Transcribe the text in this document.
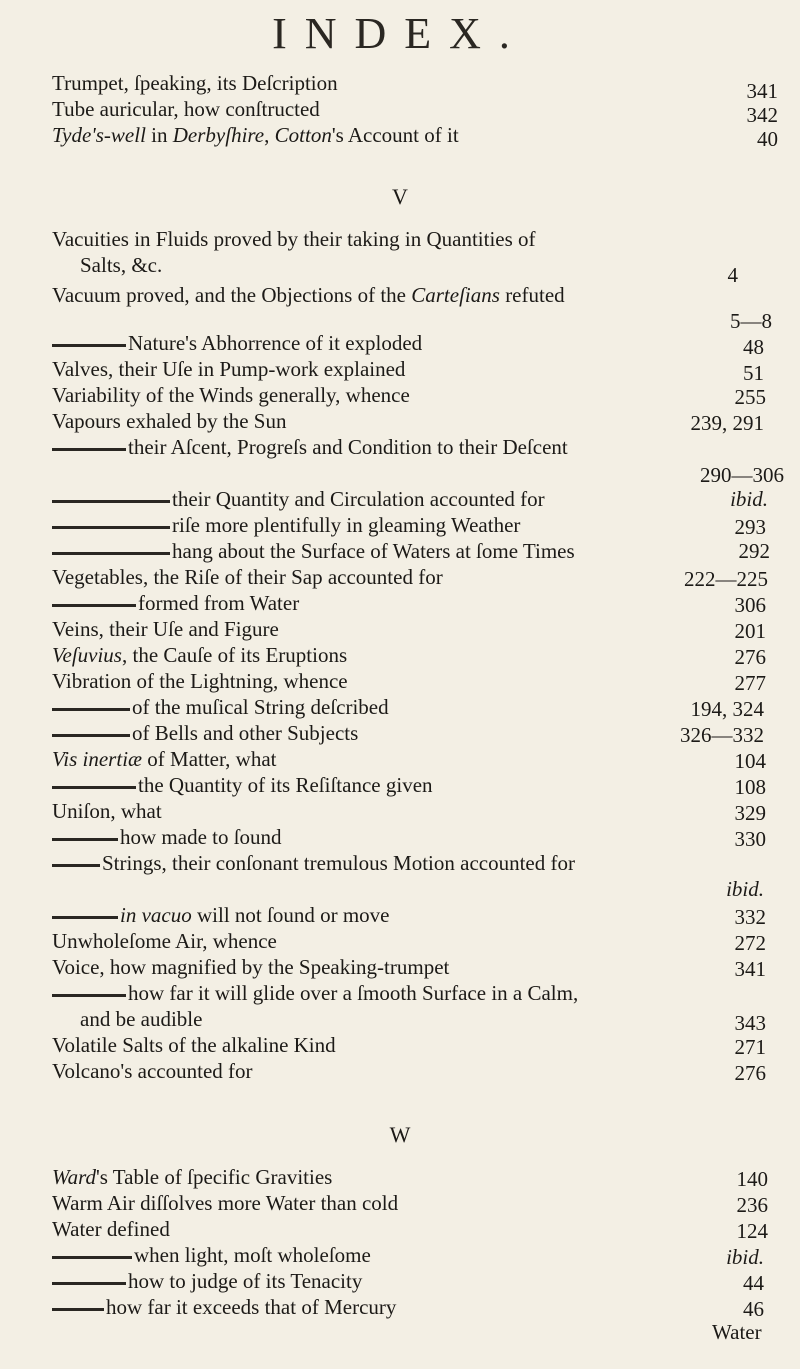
INDEX.
Trumpet, ſpeaking, its Deſcription	341
Tube auricular, how conſtructed	342
Tyde's-well in Derbyſhire, Cotton's Account of it	40
V
Vacuities in Fluids proved by their taking in Quantities of
Salts, &c.	4
Vacuum proved, and the Objections of the Carteſians refuted
5—8
Nature's Abhorrence of it exploded	48
Valves, their Uſe in Pump-work explained	51
Variability of the Winds generally, whence	255
Vapours exhaled by the Sun	239, 291
their Aſcent, Progreſs and Condition to their Deſcent
290—306
their Quantity and Circulation accounted for	ibid.
riſe more plentifully in gleaming Weather	293
hang about the Surface of Waters at ſome Times	292
Vegetables, the Riſe of their Sap accounted for	222—225
formed from Water	306
Veins, their Uſe and Figure	201
Veſuvius, the Cauſe of its Eruptions	276
Vibration of the Lightning, whence	277
of the muſical String deſcribed	194, 324
of Bells and other Subjects	326—332
Vis inertiæ of Matter, what	104
the Quantity of its Reſiſtance given	108
Uniſon, what	329
how made to ſound	330
Strings, their conſonant tremulous Motion accounted for
ibid.
in vacuo will not ſound or move	332
Unwholeſome Air, whence	272
Voice, how magnified by the Speaking-trumpet	341
how far it will glide over a ſmooth Surface in a Calm,
and be audible	343
Volatile Salts of the alkaline Kind	271
Volcano's accounted for	276
W
Ward's Table of ſpecific Gravities	140
Warm Air diſſolves more Water than cold	236
Water defined	124
when light, moſt wholeſome	ibid.
how to judge of its Tenacity	44
how far it exceeds that of Mercury	46
Water
